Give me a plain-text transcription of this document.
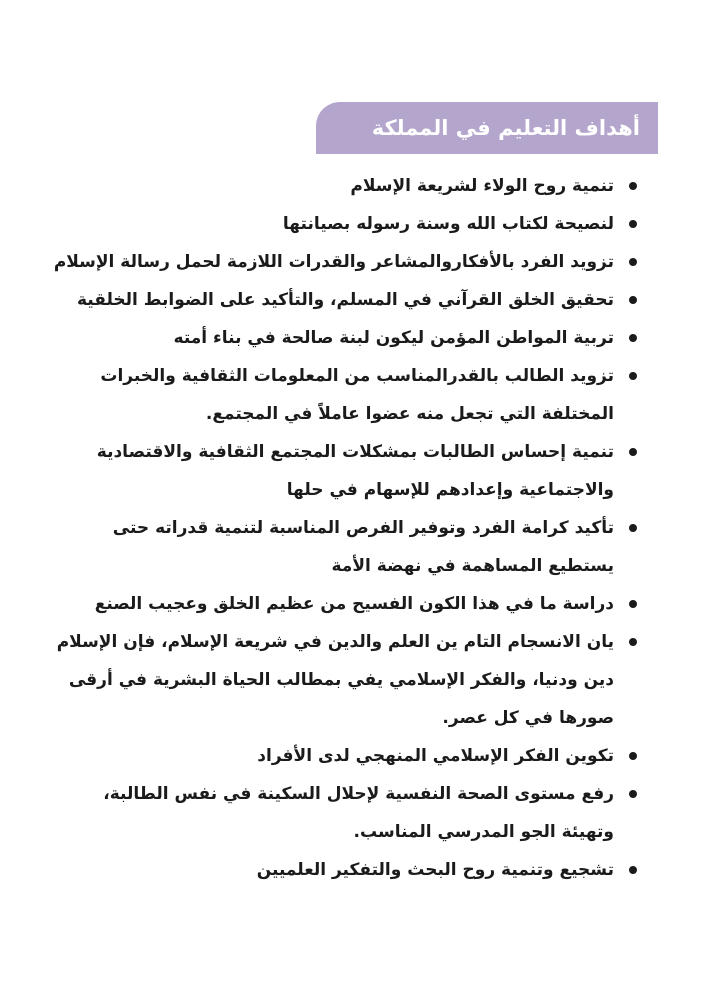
أهداف التعليم في المملكة
تنمية روح الولاء لشريعة الإسلام
لنصيحة لكتاب الله وسنة رسوله بصيانتها
تزويد الفرد بالأفكاروالمشاعر والقدرات اللازمة لحمل رسالة الإسلام
تحقيق الخلق القرآني في المسلم، والتأكيد على الضوابط الخلقية
تربية المواطن المؤمن ليكون لبنة صالحة في بناء أمته
تزويد الطالب بالقدرالمناسب من المعلومات الثقافية والخبرات المختلفة التي تجعل منه عضوا عاملاً في المجتمع.
تنمية إحساس الطالبات بمشكلات المجتمع الثقافية والاقتصادية والاجتماعية وإعدادهم للإسهام في حلها
تأكيد كرامة الفرد وتوفير الفرص المناسبة لتنمية قدراته حتى يستطيع المساهمة في نهضة الأمة
دراسة ما في هذا الكون الفسيح من عظيم الخلق وعجيب الصنع
يان الانسجام التام ين العلم والدين في شريعة الإسلام، فإن الإسلام دين ودنيا، والفكر الإسلامي يفي بمطالب الحياة البشرية في أرقى صورها في كل عصر.
تكوين الفكر الإسلامي المنهجي لدى الأفراد
رفع مستوى الصحة النفسية لإحلال السكينة في نفس الطالبة، وتهيئة الجو المدرسي المناسب.
تشجيع وتنمية روح البحث والتفكير العلميين
